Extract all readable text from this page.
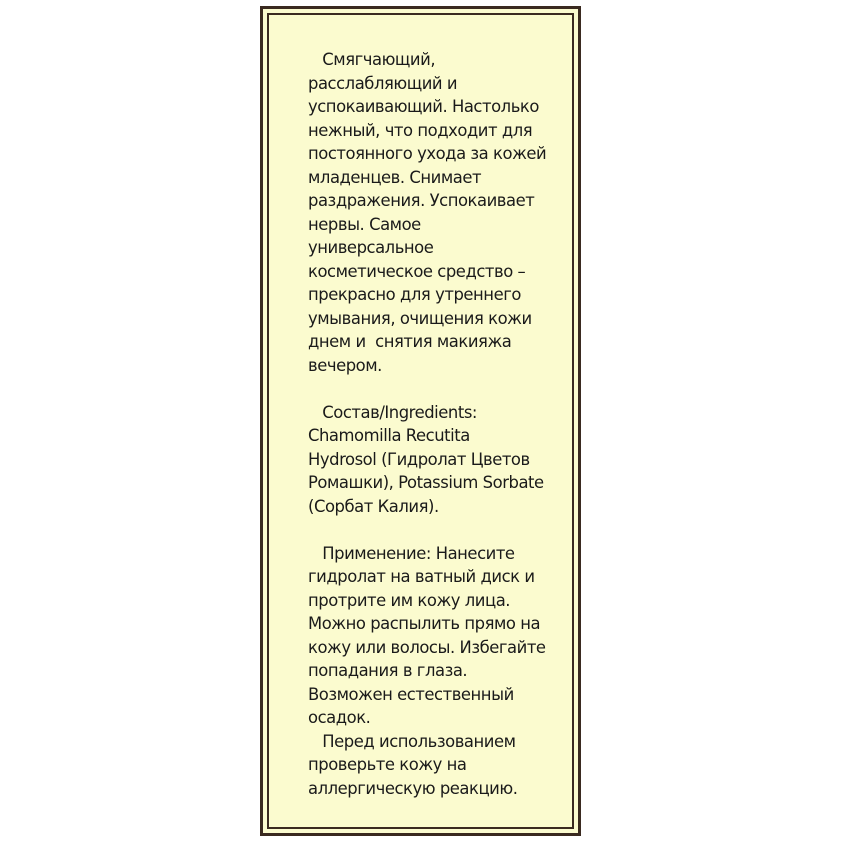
Смягчающий,
расслабляющий и
успокаивающий. Настолько
нежный, что подходит для
постоянного ухода за кожей
младенцев. Снимает
раздражения. Успокаивает
нервы. Самое
универсальное
косметическое средство –
прекрасно для утреннего
умывания, очищения кожи
днем и  снятия макияжа
вечером.
Состав/Ingredients:
Chamomilla Recutita
Hydrosol (Гидролат Цветов
Ромашки), Potassium Sorbate
(Сорбат Калия).
Применение: Нанесите
гидролат на ватный диск и
протрите им кожу лица.
Можно распылить прямо на
кожу или волосы. Избегайте
попадания в глаза.
Возможен естественный
осадок.
Перед использованием
проверьте кожу на
аллергическую реакцию.
